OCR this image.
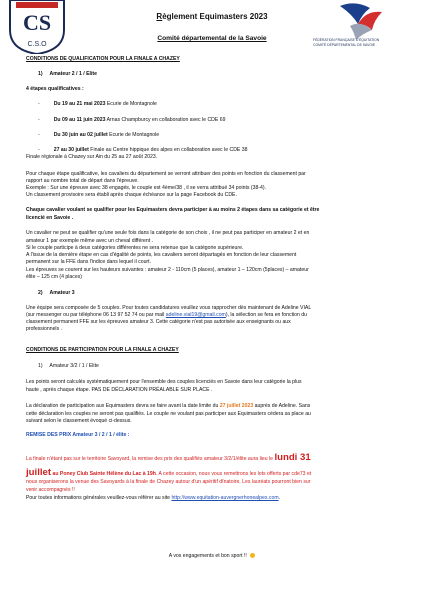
CS
C.S.O
FÉDÉRATION FRANÇAISE D'ÉQUITATION
COMITÉ DÉPARTEMENTAL DE SAVOIE
Règlement Equimasters 2023
Comité départemental de la Savoie
CONDITIONS DE QUALIFICATION POUR LA FINALE A CHAZEY
1)     Amateur 2 / 1 / Elite
4 étapes qualificatives :
-	Du 19 au 21 mai 2023 Ecurie de Montagnole
-	Du 09 au 11 juin 2023 Arnas Champburcy en collaboration avec le CDE 69
-	Du 30 juin au 02 juillet Ecurie de Montagnole
-	27 au 30 juillet Finale au Centre hippique des alpes en collaboration avec le CDE 38
Finale régionale à Chazey sur Ain du 25 au 27 août 2023.
Pour chaque étape qualificative, les cavaliers du département se verront attribuer des points en fonction du classement par
rapport au nombre total de départ dans l'épreuve.
Exemple : Sur une épreuve avec 38 engagés, le couple est 4ème/38 , il se verra attribué 34 points (38-4).
Un classement provisoire sera établi après chaque échéance sur la page Facebook du CDE.
Chaque cavalier voulant se qualifier pour les Equimasters devra participer à au moins 2 étapes dans sa catégorie et être
licencié en Savoie .
Un cavalier ne peut se qualifier qu'une seule fois dans la catégorie de son choix , il ne peut pas participer en amateur 2 et en
amateur 1 par exemple même avec un cheval différent .
Si le couple participe à deux catégories différentes ne sera retenue que la catégorie supérieure.
A l'issue de la dernière étape en cas d'égalité de points, les cavaliers seront départagés en fonction de leur classement
permanent sur la FFE dans l'indice dans lequel il court.
Les épreuves se courent sur les hauteurs suivantes : amateur 2 - 110cm (5 places), amateur 1 – 120cm (5places) – amateur
élite – 125 cm (4 places)
2)     Amateur 3
Une équipe sera composée de 5 couples. Pour toutes candidatures veuillez vous rapprocher dès maintenant de Adeline VIAL
(sur messenger ou par téléphone 06 13 97 52 74 ou par mail adeline.vial19@gmail.com), la sélection se fera en fonction du
classement permanent FFE sur les épreuves amateur 3. Cette catégorie n'est pas autorisée aux enseignants ou aux
professionnels .
CONDITIONS DE PARTICIPATION POUR LA FINALE A CHAZEY
1)     Amateur 3/2 / 1 / Elite
Les points seront calculés systématiquement pour l'ensemble des couples licenciés en Savoie dans leur catégorie la plus
haute , après chaque étape. PAS DE DÉCLARATION PRÉALABLE SUR PLACE .
La déclaration de participation aux Equimasters devra se faire avant la date limite du 27 juillet 2023 auprès de Adeline. Sans
cette déclaration les couples ne seront pas qualifiés. Le couple ne voulant pas participer aux Equimasters cédera sa place au
suivant selon le classement évoqué ci-dessus.
REMISE DES PRIX Amateur 3 / 2 / 1 / élite :
La finale n'étant pas sur le territoire Savoyard, la remise des prix des qualifiés amateur 3/2/1/élite aura lieu le lundi 31
juillet au Poney Club Sainte Hélène du Lac à 19h. A cette occasion, nous vous remettrons les lots offerts par cde73 et
nous organiserons la venue des Savoyards à la finale de Chazey autour d'un apéritif dînatoire. Les lauréats pourront bien sur
venir accompagnés !!
Pour toutes informations générales veuillez-vous référer au site http://www.equitation-auvergnerhonealpes.com.
A vos engagements et bon sport !!
